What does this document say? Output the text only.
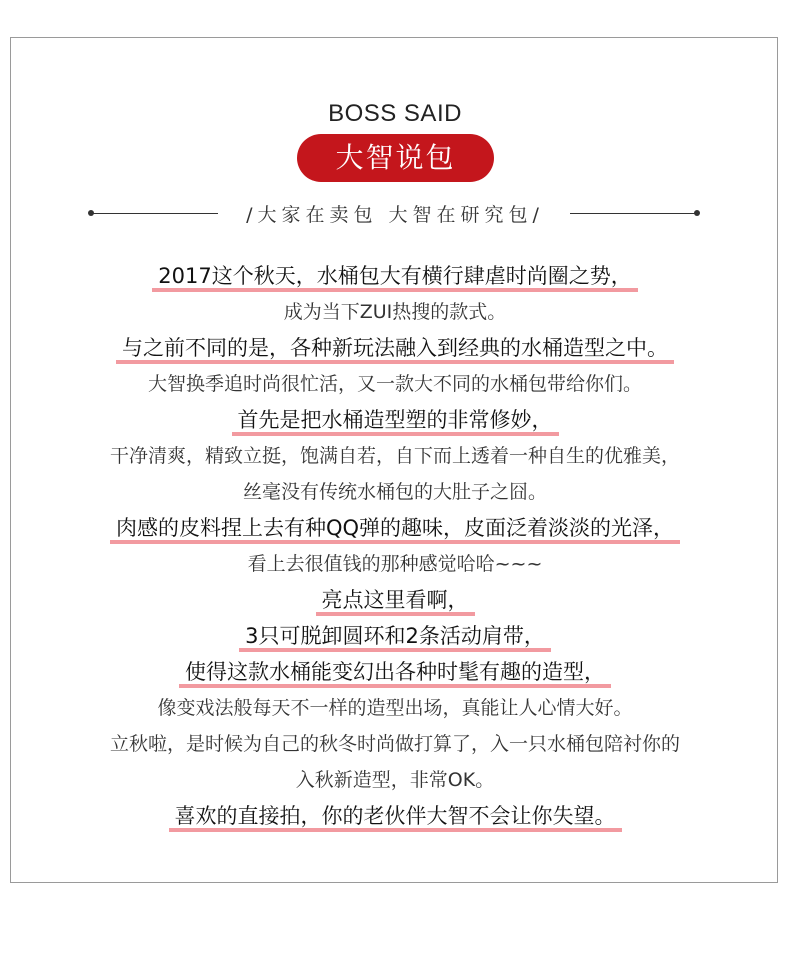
BOSS SAID
大智说包
/大家在卖包 大智在研究包/
2017这个秋天，水桶包大有横行肆虐时尚圈之势，
成为当下ZUI热搜的款式。
与之前不同的是，各种新玩法融入到经典的水桶造型之中。
大智换季追时尚很忙活，又一款大不同的水桶包带给你们。
首先是把水桶造型塑的非常修妙，
干净清爽，精致立挺，饱满自若，自下而上透着一种自生的优雅美，
丝毫没有传统水桶包的大肚子之囧。
肉感的皮料捏上去有种QQ弹的趣味，皮面泛着淡淡的光泽，
看上去很值钱的那种感觉哈哈~~~
亮点这里看啊，
3只可脱卸圆环和2条活动肩带，
使得这款水桶能变幻出各种时髦有趣的造型，
像变戏法般每天不一样的造型出场，真能让人心情大好。
立秋啦，是时候为自己的秋冬时尚做打算了，入一只水桶包陪衬你的
入秋新造型，非常OK。
喜欢的直接拍，你的老伙伴大智不会让你失望。
